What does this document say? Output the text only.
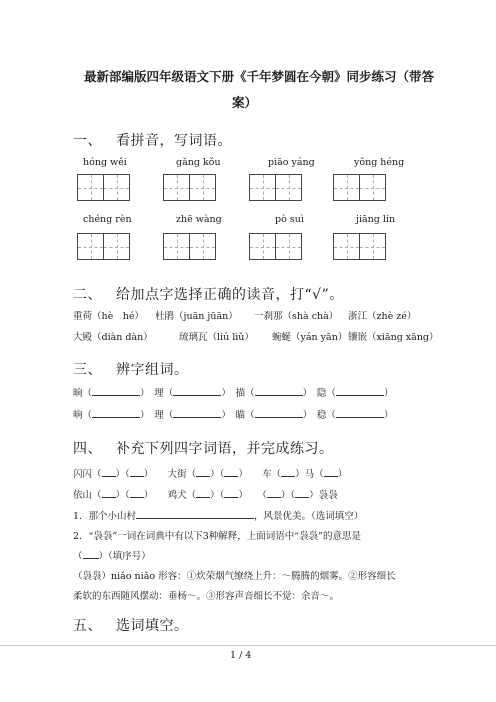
最新部编版四年级语文下册《千年梦圆在今朝》同步练习（带答
案）
一、 看拼音，写词语。
hóng wěi	gǎng kǒu	piāo yáng	yǒng héng
chéng rèn	zhē wàng	pò suì	jiāng lín
二、 给加点字选择正确的读音，打“√”。
重荷（hè　hé） 杜鹃（juān jūān） 一刹那（shà chà） 浙江（zhè zé）
大殿（diàn dàn）	琉璃瓦（liú liǔ） 蜿蜒（yán yān） 镶嵌（xiāng xāng）
三、 辨字组词。
晌（	）　埋（	）　描（	）　隐（	）
响（	）　理（	）　瞄（	）　稳（	）
四、 补充下列四字词语，并完成练习。
闪闪（ ）（ ）　　大街（ ）（ ）　　车（ ）马（ ）
依山（ ）（ ）　　鸡犬（ ）（ ）　　（ ）（ ）袅袅
1．那个小山村	，风景优美。（选词填空）
2．“袅袅”一词在词典中有以下3种解释，上面词语中“袅袅”的意思是
（ ）（填序号）
（袅袅）niǎo niǎo 形容：①炊荣烟气缭绕上升：～腾腾的烟雾。②形容细长
柔软的东西随风摆动：垂杨～。③形容声音细长不觉：余音～。
五、 选词填空。
1 / 4
